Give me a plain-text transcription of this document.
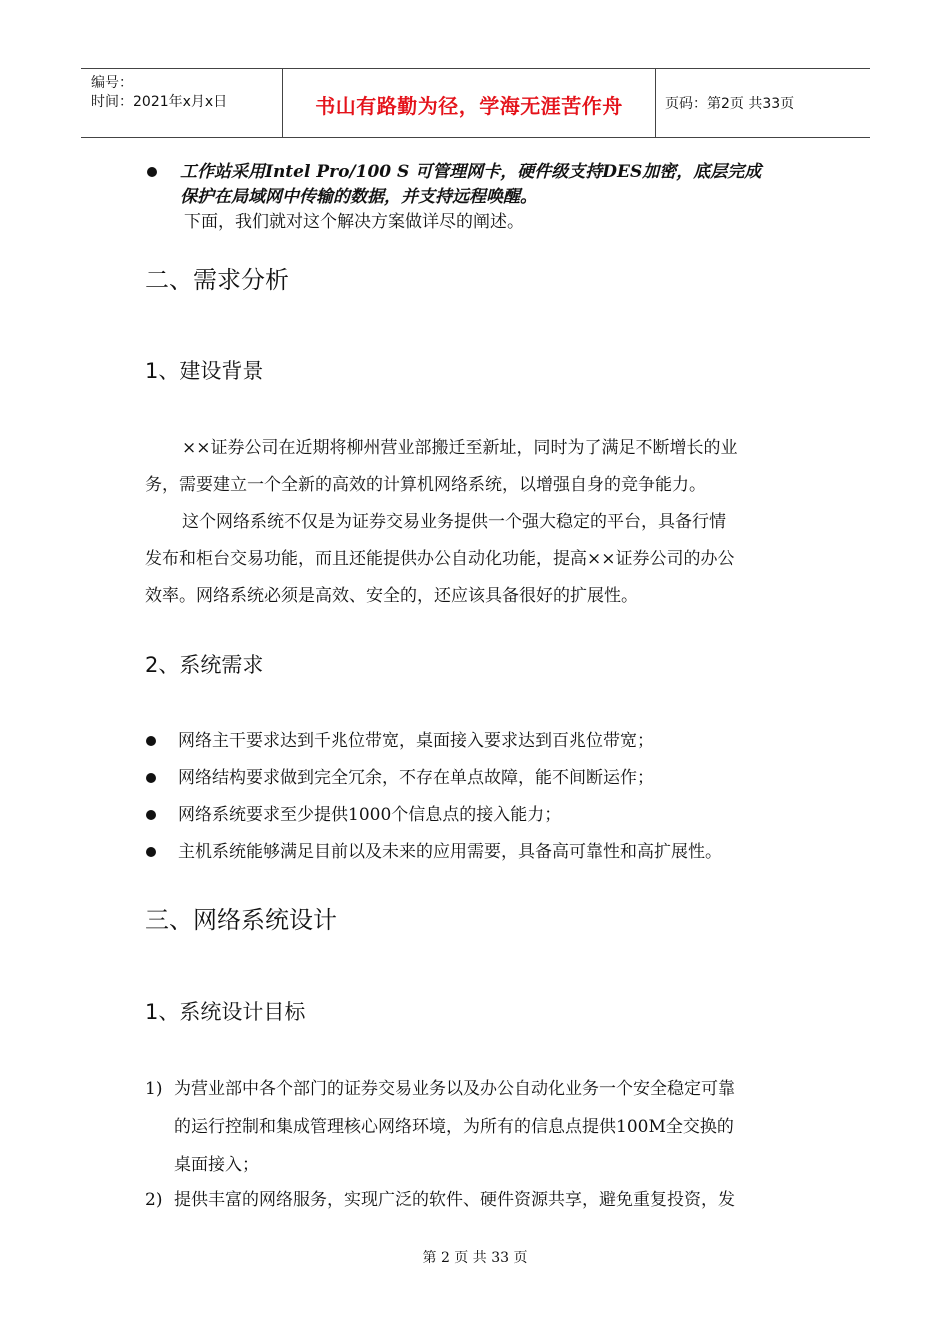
编号：
时间：2021年x月x日	书山有路勤为径，学海无涯苦作舟	页码：第2页 共33页
工作站采用Intel Pro/100 S 可管理网卡，硬件级支持DES加密，底层完成
保护在局域网中传输的数据，并支持远程唤醒。
下面，我们就对这个解决方案做详尽的阐述。
二、需求分析
1、建设背景
××证券公司在近期将柳州营业部搬迁至新址，同时为了满足不断增长的业
务，需要建立一个全新的高效的计算机网络系统，以增强自身的竞争能力。
这个网络系统不仅是为证券交易业务提供一个强大稳定的平台，具备行情
发布和柜台交易功能，而且还能提供办公自动化功能，提高××证券公司的办公
效率。网络系统必须是高效、安全的，还应该具备很好的扩展性。
2、系统需求
网络主干要求达到千兆位带宽，桌面接入要求达到百兆位带宽；
网络结构要求做到完全冗余，不存在单点故障，能不间断运作；
网络系统要求至少提供1000个信息点的接入能力；
主机系统能够满足目前以及未来的应用需要，具备高可靠性和高扩展性。
三、网络系统设计
1、系统设计目标
1) 为营业部中各个部门的证券交易业务以及办公自动化业务一个安全稳定可靠
的运行控制和集成管理核心网络环境，为所有的信息点提供100M全交换的
桌面接入；
2) 提供丰富的网络服务，实现广泛的软件、硬件资源共享，避免重复投资，发
第 2 页 共 33 页
